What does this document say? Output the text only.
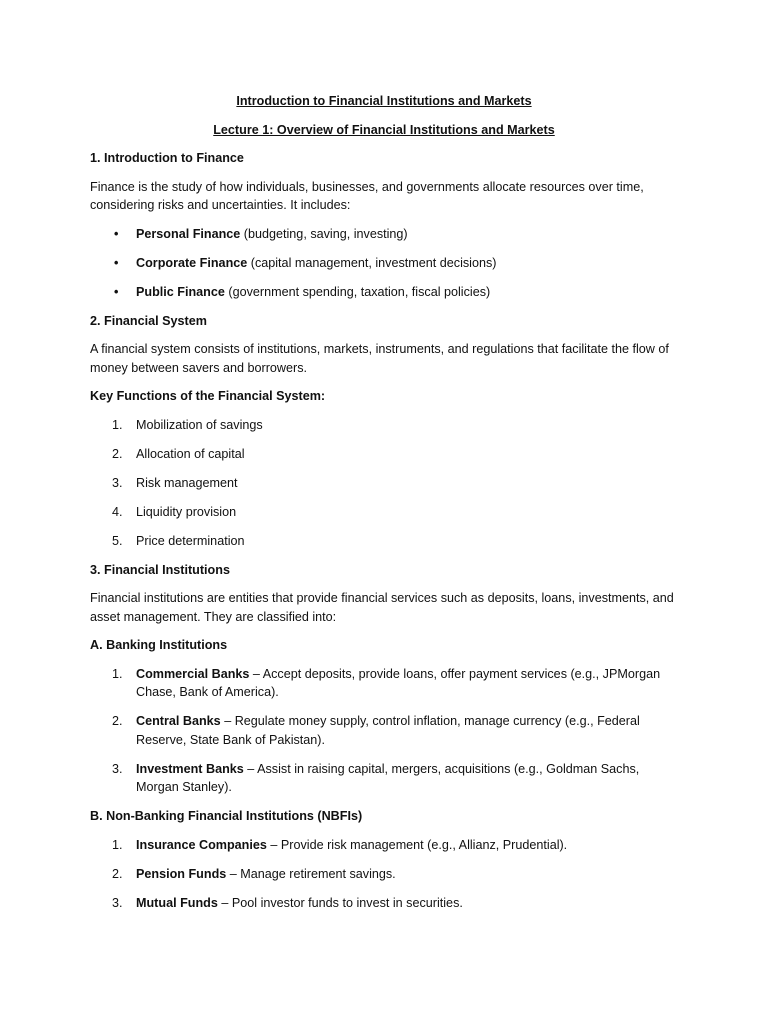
Introduction to Financial Institutions and Markets
Lecture 1: Overview of Financial Institutions and Markets
1. Introduction to Finance

Finance is the study of how individuals, businesses, and governments allocate resources over time, considering risks and uncertainties. It includes:

• Personal Finance (budgeting, saving, investing)
• Corporate Finance (capital management, investment decisions)
• Public Finance (government spending, taxation, fiscal policies)
2. Financial System

A financial system consists of institutions, markets, instruments, and regulations that facilitate the flow of money between savers and borrowers.

Key Functions of the Financial System:
1. Mobilization of savings
2. Allocation of capital
3. Risk management
4. Liquidity provision
5. Price determination
3. Financial Institutions

Financial institutions are entities that provide financial services such as deposits, loans, investments, and asset management. They are classified into:

A. Banking Institutions
1. Commercial Banks – Accept deposits, provide loans, offer payment services (e.g., JPMorgan Chase, Bank of America).
2. Central Banks – Regulate money supply, control inflation, manage currency (e.g., Federal Reserve, State Bank of Pakistan).
3. Investment Banks – Assist in raising capital, mergers, acquisitions (e.g., Goldman Sachs, Morgan Stanley).
B. Non-Banking Financial Institutions (NBFIs)
1. Insurance Companies – Provide risk management (e.g., Allianz, Prudential).
2. Pension Funds – Manage retirement savings.
3. Mutual Funds – Pool investor funds to invest in securities.
